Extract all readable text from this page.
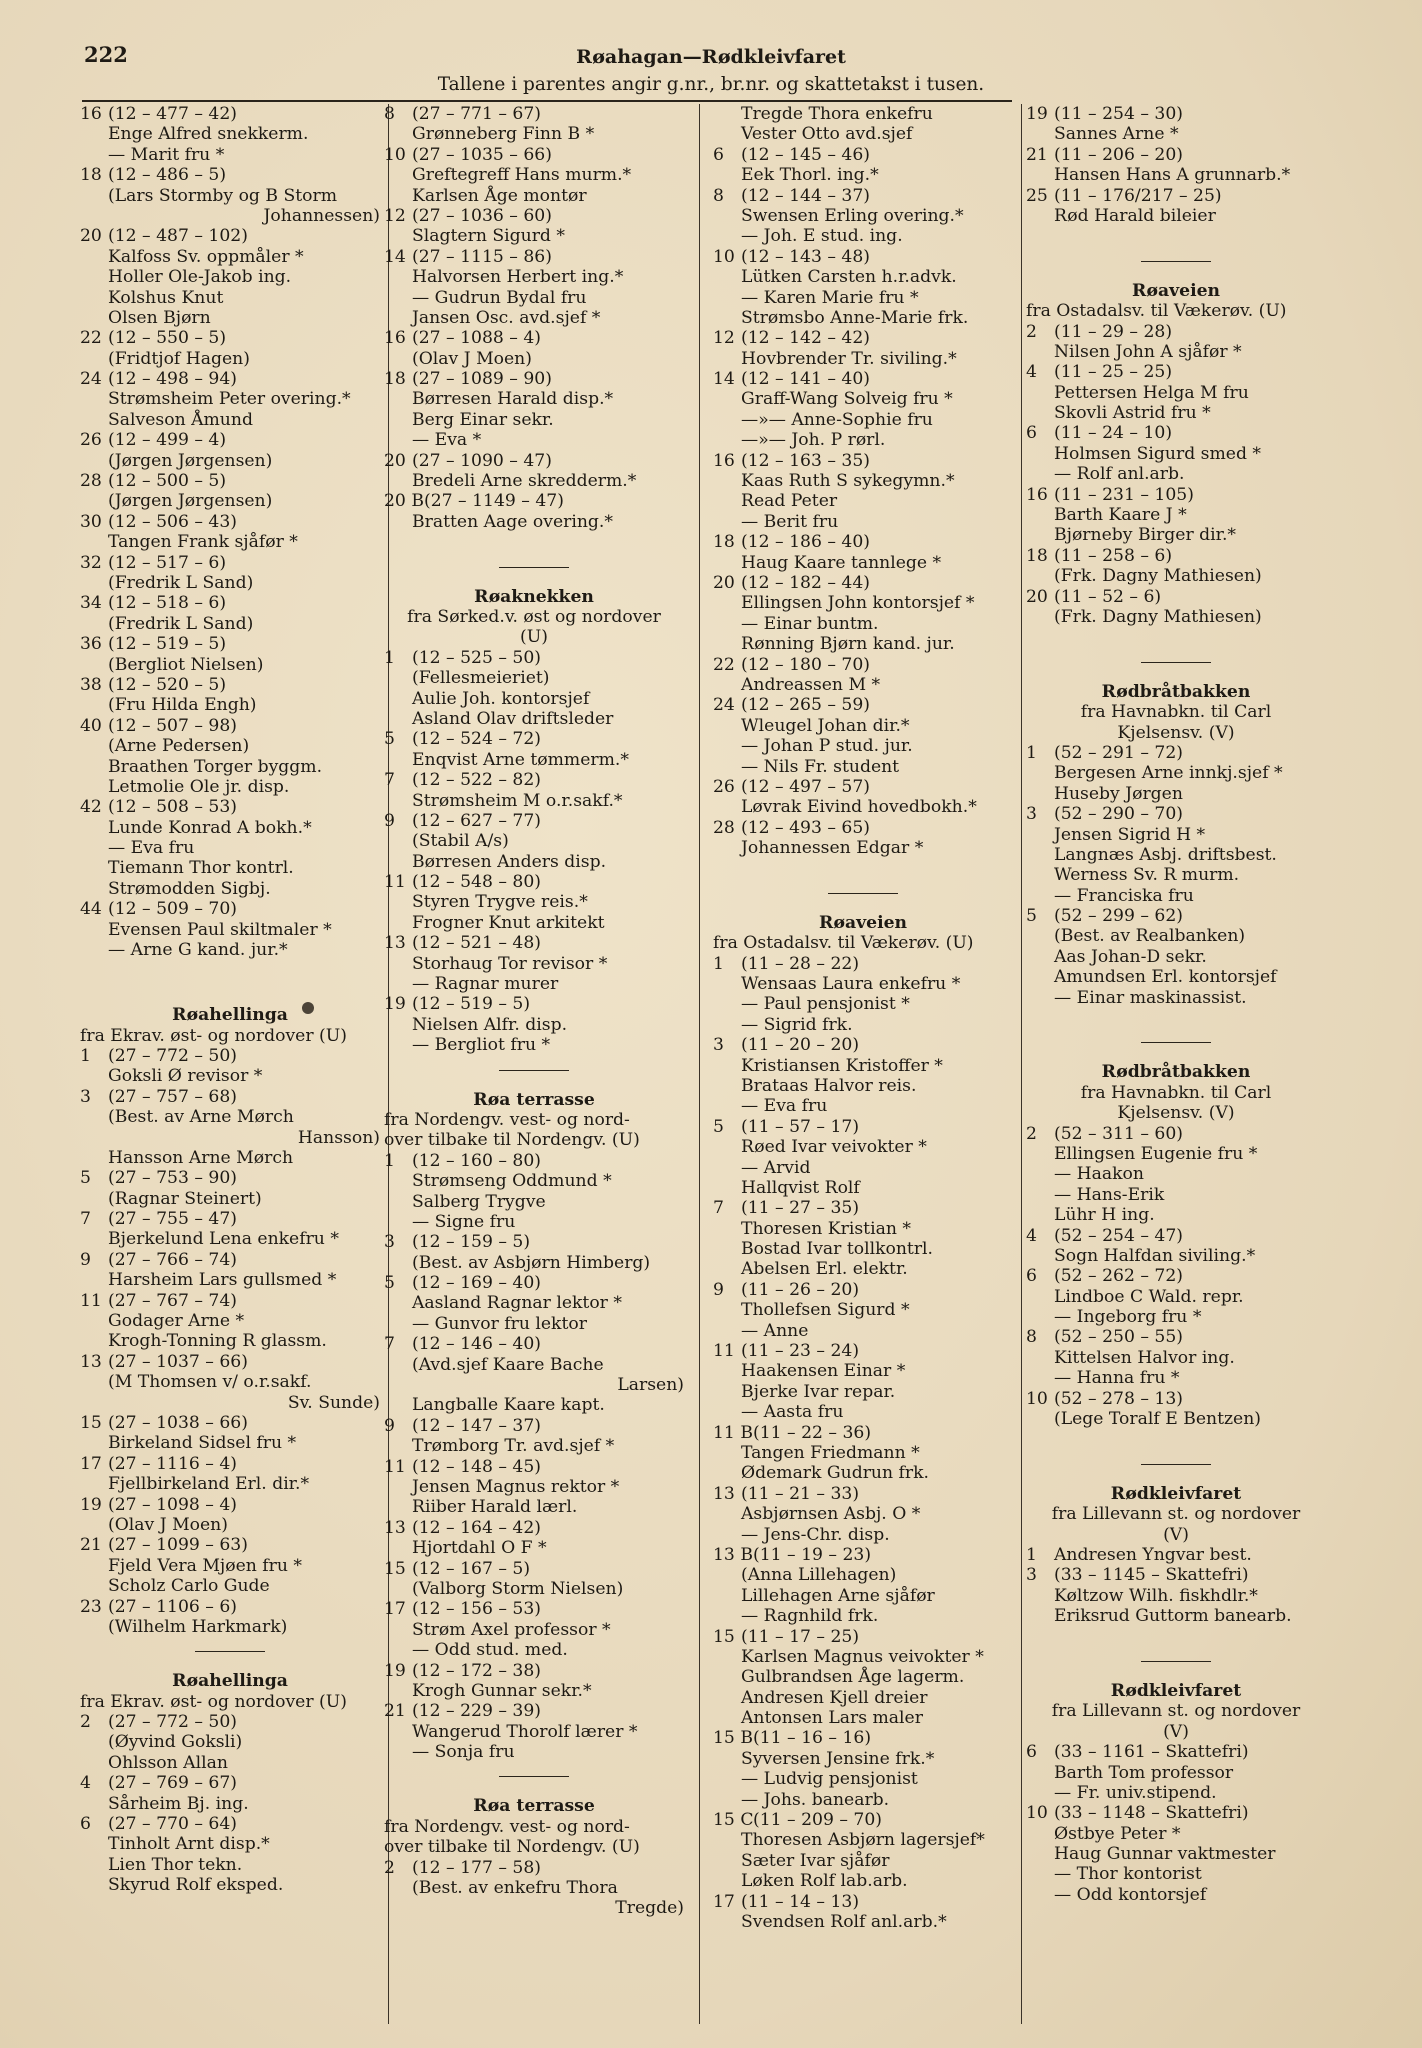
222	Røahagan—Rødkleivfaret
Tallene i parentes angir g.nr., br.nr. og skattetakst i tusen.
16 (12 – 477 – 42)
Enge Alfred snekkerm.
— Marit fru *
18 (12 – 486 – 5)
(Lars Stormby og B Storm
Johannessen)
20 (12 – 487 – 102)
Kalfoss Sv. oppmåler *
Holler Ole-Jakob ing.
Kolshus Knut
Olsen Bjørn
22 (12 – 550 – 5)
(Fridtjof Hagen)
24 (12 – 498 – 94)
Strømsheim Peter overing.*
Salveson Åmund
26 (12 – 499 – 4)
(Jørgen Jørgensen)
28 (12 – 500 – 5)
(Jørgen Jørgensen)
30 (12 – 506 – 43)
Tangen Frank sjåfør *
32 (12 – 517 – 6)
(Fredrik L Sand)
34 (12 – 518 – 6)
(Fredrik L Sand)
36 (12 – 519 – 5)
(Bergliot Nielsen)
38 (12 – 520 – 5)
(Fru Hilda Engh)
40 (12 – 507 – 98)
(Arne Pedersen)
Braathen Torger byggm.
Letmolie Ole jr. disp.
42 (12 – 508 – 53)
Lunde Konrad A bokh.*
— Eva fru
Tiemann Thor kontrl.
Strømodden Sigbj.
44 (12 – 509 – 70)
Evensen Paul skiltmaler *
— Arne G kand. jur.*
Røahellinga
fra Ekrav. øst- og nordover (U)
1 (27 – 772 – 50)
Goksli Ø revisor *
3 (27 – 757 – 68)
(Best. av Arne Mørch
Hansson)
Hansson Arne Mørch
5 (27 – 753 – 90)
(Ragnar Steinert)
7 (27 – 755 – 47)
Bjerkelund Lena enkefru *
9 (27 – 766 – 74)
Harsheim Lars gullsmed *
11 (27 – 767 – 74)
Godager Arne *
Krogh-Tonning R glassm.
13 (27 – 1037 – 66)
(M Thomsen v/ o.r.sakf.
Sv. Sunde)
15 (27 – 1038 – 66)
Birkeland Sidsel fru *
17 (27 – 1116 – 4)
Fjellbirkeland Erl. dir.*
19 (27 – 1098 – 4)
(Olav J Moen)
21 (27 – 1099 – 63)
Fjeld Vera Mjøen fru *
Scholz Carlo Gude
23 (27 – 1106 – 6)
(Wilhelm Harkmark)
Røahellinga
fra Ekrav. øst- og nordover (U)
2 (27 – 772 – 50)
(Øyvind Goksli)
Ohlsson Allan
4 (27 – 769 – 67)
Sårheim Bj. ing.
6 (27 – 770 – 64)
Tinholt Arnt disp.*
Lien Thor tekn.
Skyrud Rolf eksped.
8 (27 – 771 – 67)
Grønneberg Finn B *
10 (27 – 1035 – 66)
Greftegreff Hans murm.*
Karlsen Åge montør
12 (27 – 1036 – 60)
Slagtern Sigurd *
14 (27 – 1115 – 86)
Halvorsen Herbert ing.*
— Gudrun Bydal fru
Jansen Osc. avd.sjef *
16 (27 – 1088 – 4)
(Olav J Moen)
18 (27 – 1089 – 90)
Børresen Harald disp.*
Berg Einar sekr.
— Eva *
20 (27 – 1090 – 47)
Bredeli Arne skredderm.*
20 B(27 – 1149 – 47)
Bratten Aage overing.*
Røaknekken
fra Sørked.v. øst og nordover
(U)
1 (12 – 525 – 50)
(Fellesmeieriet)
Aulie Joh. kontorsjef
Asland Olav driftsleder
5 (12 – 524 – 72)
Enqvist Arne tømmerm.*
7 (12 – 522 – 82)
Strømsheim M o.r.sakf.*
9 (12 – 627 – 77)
(Stabil A/s)
Børresen Anders disp.
11 (12 – 548 – 80)
Styren Trygve reis.*
Frogner Knut arkitekt
13 (12 – 521 – 48)
Storhaug Tor revisor *
— Ragnar murer
19 (12 – 519 – 5)
Nielsen Alfr. disp.
— Bergliot fru *
Røa terrasse
fra Nordengv. vest- og nord-
over tilbake til Nordengv. (U)
1 (12 – 160 – 80)
Strømseng Oddmund *
Salberg Trygve
— Signe fru
3 (12 – 159 – 5)
(Best. av Asbjørn Himberg)
5 (12 – 169 – 40)
Aasland Ragnar lektor *
— Gunvor fru lektor
7 (12 – 146 – 40)
(Avd.sjef Kaare Bache
Larsen)
Langballe Kaare kapt.
9 (12 – 147 – 37)
Trømborg Tr. avd.sjef *
11 (12 – 148 – 45)
Jensen Magnus rektor *
Riiber Harald lærl.
13 (12 – 164 – 42)
Hjortdahl O F *
15 (12 – 167 – 5)
(Valborg Storm Nielsen)
17 (12 – 156 – 53)
Strøm Axel professor *
— Odd stud. med.
19 (12 – 172 – 38)
Krogh Gunnar sekr.*
21 (12 – 229 – 39)
Wangerud Thorolf lærer *
— Sonja fru
Røa terrasse
fra Nordengv. vest- og nord-
over tilbake til Nordengv. (U)
2 (12 – 177 – 58)
(Best. av enkefru Thora
Tregde)
Tregde Thora enkefru
Vester Otto avd.sjef
6 (12 – 145 – 46)
Eek Thorl. ing.*
8 (12 – 144 – 37)
Swensen Erling overing.*
— Joh. E stud. ing.
10 (12 – 143 – 48)
Lütken Carsten h.r.advk.
— Karen Marie fru *
Strømsbo Anne-Marie frk.
12 (12 – 142 – 42)
Hovbrender Tr. siviling.*
14 (12 – 141 – 40)
Graff-Wang Solveig fru *
—»— Anne-Sophie fru
—»— Joh. P rørl.
16 (12 – 163 – 35)
Kaas Ruth S sykegymn.*
Read Peter
— Berit fru
18 (12 – 186 – 40)
Haug Kaare tannlege *
20 (12 – 182 – 44)
Ellingsen John kontorsjef *
— Einar buntm.
Rønning Bjørn kand. jur.
22 (12 – 180 – 70)
Andreassen M *
24 (12 – 265 – 59)
Wleugel Johan dir.*
— Johan P stud. jur.
— Nils Fr. student
26 (12 – 497 – 57)
Løvrak Eivind hovedbokh.*
28 (12 – 493 – 65)
Johannessen Edgar *
Røaveien
fra Ostadalsv. til Vækerøv. (U)
1 (11 – 28 – 22)
Wensaas Laura enkefru *
— Paul pensjonist *
— Sigrid frk.
3 (11 – 20 – 20)
Kristiansen Kristoffer *
Brataas Halvor reis.
— Eva fru
5 (11 – 57 – 17)
Røed Ivar veivokter *
— Arvid
Hallqvist Rolf
7 (11 – 27 – 35)
Thoresen Kristian *
Bostad Ivar tollkontrl.
Abelsen Erl. elektr.
9 (11 – 26 – 20)
Thollefsen Sigurd *
— Anne
11 (11 – 23 – 24)
Haakensen Einar *
Bjerke Ivar repar.
— Aasta fru
11 B(11 – 22 – 36)
Tangen Friedmann *
Ødemark Gudrun frk.
13 (11 – 21 – 33)
Asbjørnsen Asbj. O *
— Jens-Chr. disp.
13 B(11 – 19 – 23)
(Anna Lillehagen)
Lillehagen Arne sjåfør
— Ragnhild frk.
15 (11 – 17 – 25)
Karlsen Magnus veivokter *
Gulbrandsen Åge lagerm.
Andresen Kjell dreier
Antonsen Lars maler
15 B(11 – 16 – 16)
Syversen Jensine frk.*
— Ludvig pensjonist
— Johs. banearb.
15 C(11 – 209 – 70)
Thoresen Asbjørn lagersjef*
Sæter Ivar sjåfør
Løken Rolf lab.arb.
17 (11 – 14 – 13)
Svendsen Rolf anl.arb.*
19 (11 – 254 – 30)
Sannes Arne *
21 (11 – 206 – 20)
Hansen Hans A grunnarb.*
25 (11 – 176/217 – 25)
Rød Harald bileier
Røaveien
fra Ostadalsv. til Vækerøv. (U)
2 (11 – 29 – 28)
Nilsen John A sjåfør *
4 (11 – 25 – 25)
Pettersen Helga M fru
Skovli Astrid fru *
6 (11 – 24 – 10)
Holmsen Sigurd smed *
— Rolf anl.arb.
16 (11 – 231 – 105)
Barth Kaare J *
Bjørneby Birger dir.*
18 (11 – 258 – 6)
(Frk. Dagny Mathiesen)
20 (11 – 52 – 6)
(Frk. Dagny Mathiesen)
Rødbråtbakken
fra Havnabkn. til Carl
Kjelsensv. (V)
1 (52 – 291 – 72)
Bergesen Arne innkj.sjef *
Huseby Jørgen
3 (52 – 290 – 70)
Jensen Sigrid H *
Langnæs Asbj. driftsbest.
Werness Sv. R murm.
— Franciska fru
5 (52 – 299 – 62)
(Best. av Realbanken)
Aas Johan-D sekr.
Amundsen Erl. kontorsjef
— Einar maskinassist.
Rødbråtbakken
fra Havnabkn. til Carl
Kjelsensv. (V)
2 (52 – 311 – 60)
Ellingsen Eugenie fru *
— Haakon
— Hans-Erik
Lühr H ing.
4 (52 – 254 – 47)
Sogn Halfdan siviling.*
6 (52 – 262 – 72)
Lindboe C Wald. repr.
— Ingeborg fru *
8 (52 – 250 – 55)
Kittelsen Halvor ing.
— Hanna fru *
10 (52 – 278 – 13)
(Lege Toralf E Bentzen)
Rødkleivfaret
fra Lillevann st. og nordover
(V)
1 Andresen Yngvar best.
3 (33 – 1145 – Skattefri)
Køltzow Wilh. fiskhdlr.*
Eriksrud Guttorm banearb.
Rødkleivfaret
fra Lillevann st. og nordover
(V)
6 (33 – 1161 – Skattefri)
Barth Tom professor
— Fr. univ.stipend.
10 (33 – 1148 – Skattefri)
Østbye Peter *
Haug Gunnar vaktmester
— Thor kontorist
— Odd kontorsjef
